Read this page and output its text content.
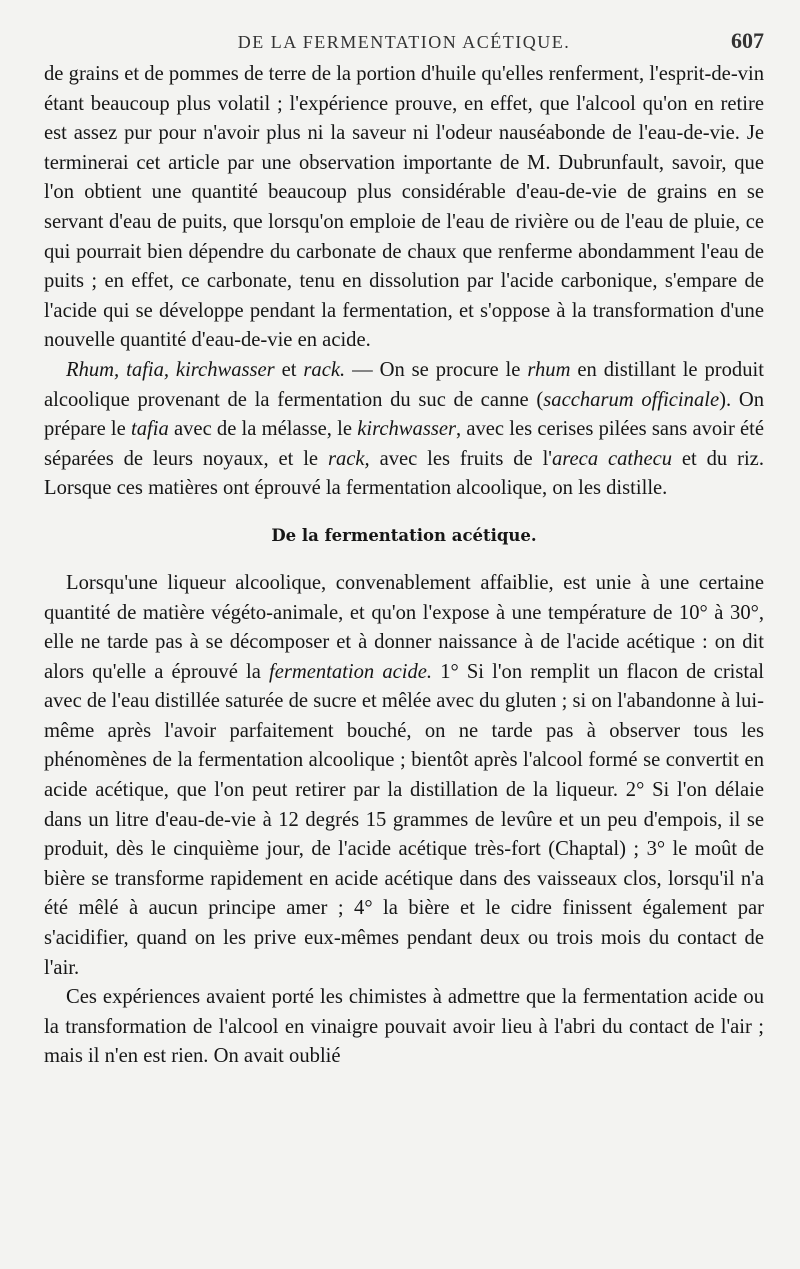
DE LA FERMENTATION ACÉTIQUE.	607

de grains et de pommes de terre de la portion d'huile qu'elles renferment, l'esprit-de-vin étant beaucoup plus volatil ; l'expérience prouve, en effet, que l'alcool qu'on en retire est assez pur pour n'avoir plus ni la saveur ni l'odeur nauséabonde de l'eau-de-vie. Je terminerai cet article par une observation importante de M. Dubrunfault, savoir, que l'on obtient une quantité beaucoup plus considérable d'eau-de-vie de grains en se servant d'eau de puits, que lorsqu'on emploie de l'eau de rivière ou de l'eau de pluie, ce qui pourrait bien dépendre du carbonate de chaux que renferme abondamment l'eau de puits ; en effet, ce carbonate, tenu en dissolution par l'acide carbonique, s'empare de l'acide qui se développe pendant la fermentation, et s'oppose à la transformation d'une nouvelle quantité d'eau-de-vie en acide.

Rhum, tafia, kirchwasser et rack. — On se procure le rhum en distillant le produit alcoolique provenant de la fermentation du suc de canne (saccharum officinale). On prépare le tafia avec de la mélasse, le kirchwasser, avec les cerises pilées sans avoir été séparées de leurs noyaux, et le rack, avec les fruits de l'areca cathecu et du riz. Lorsque ces matières ont éprouvé la fermentation alcoolique, on les distille.

De la fermentation acétique.

Lorsqu'une liqueur alcoolique, convenablement affaiblie, est unie à une certaine quantité de matière végéto-animale, et qu'on l'expose à une température de 10° à 30°, elle ne tarde pas à se décomposer et à donner naissance à de l'acide acétique : on dit alors qu'elle a éprouvé la fermentation acide. 1° Si l'on remplit un flacon de cristal avec de l'eau distillée saturée de sucre et mêlée avec du gluten ; si on l'abandonne à lui-même après l'avoir parfaitement bouché, on ne tarde pas à observer tous les phénomènes de la fermentation alcoolique ; bientôt après l'alcool formé se convertit en acide acétique, que l'on peut retirer par la distillation de la liqueur. 2° Si l'on délaie dans un litre d'eau-de-vie à 12 degrés 15 grammes de levûre et un peu d'empois, il se produit, dès le cinquième jour, de l'acide acétique très-fort (Chaptal) ; 3° le moût de bière se transforme rapidement en acide acétique dans des vaisseaux clos, lorsqu'il n'a été mêlé à aucun principe amer ; 4° la bière et le cidre finissent également par s'acidifier, quand on les prive eux-mêmes pendant deux ou trois mois du contact de l'air.

Ces expériences avaient porté les chimistes à admettre que la fermentation acide ou la transformation de l'alcool en vinaigre pouvait avoir lieu à l'abri du contact de l'air ; mais il n'en est rien. On avait oublié
